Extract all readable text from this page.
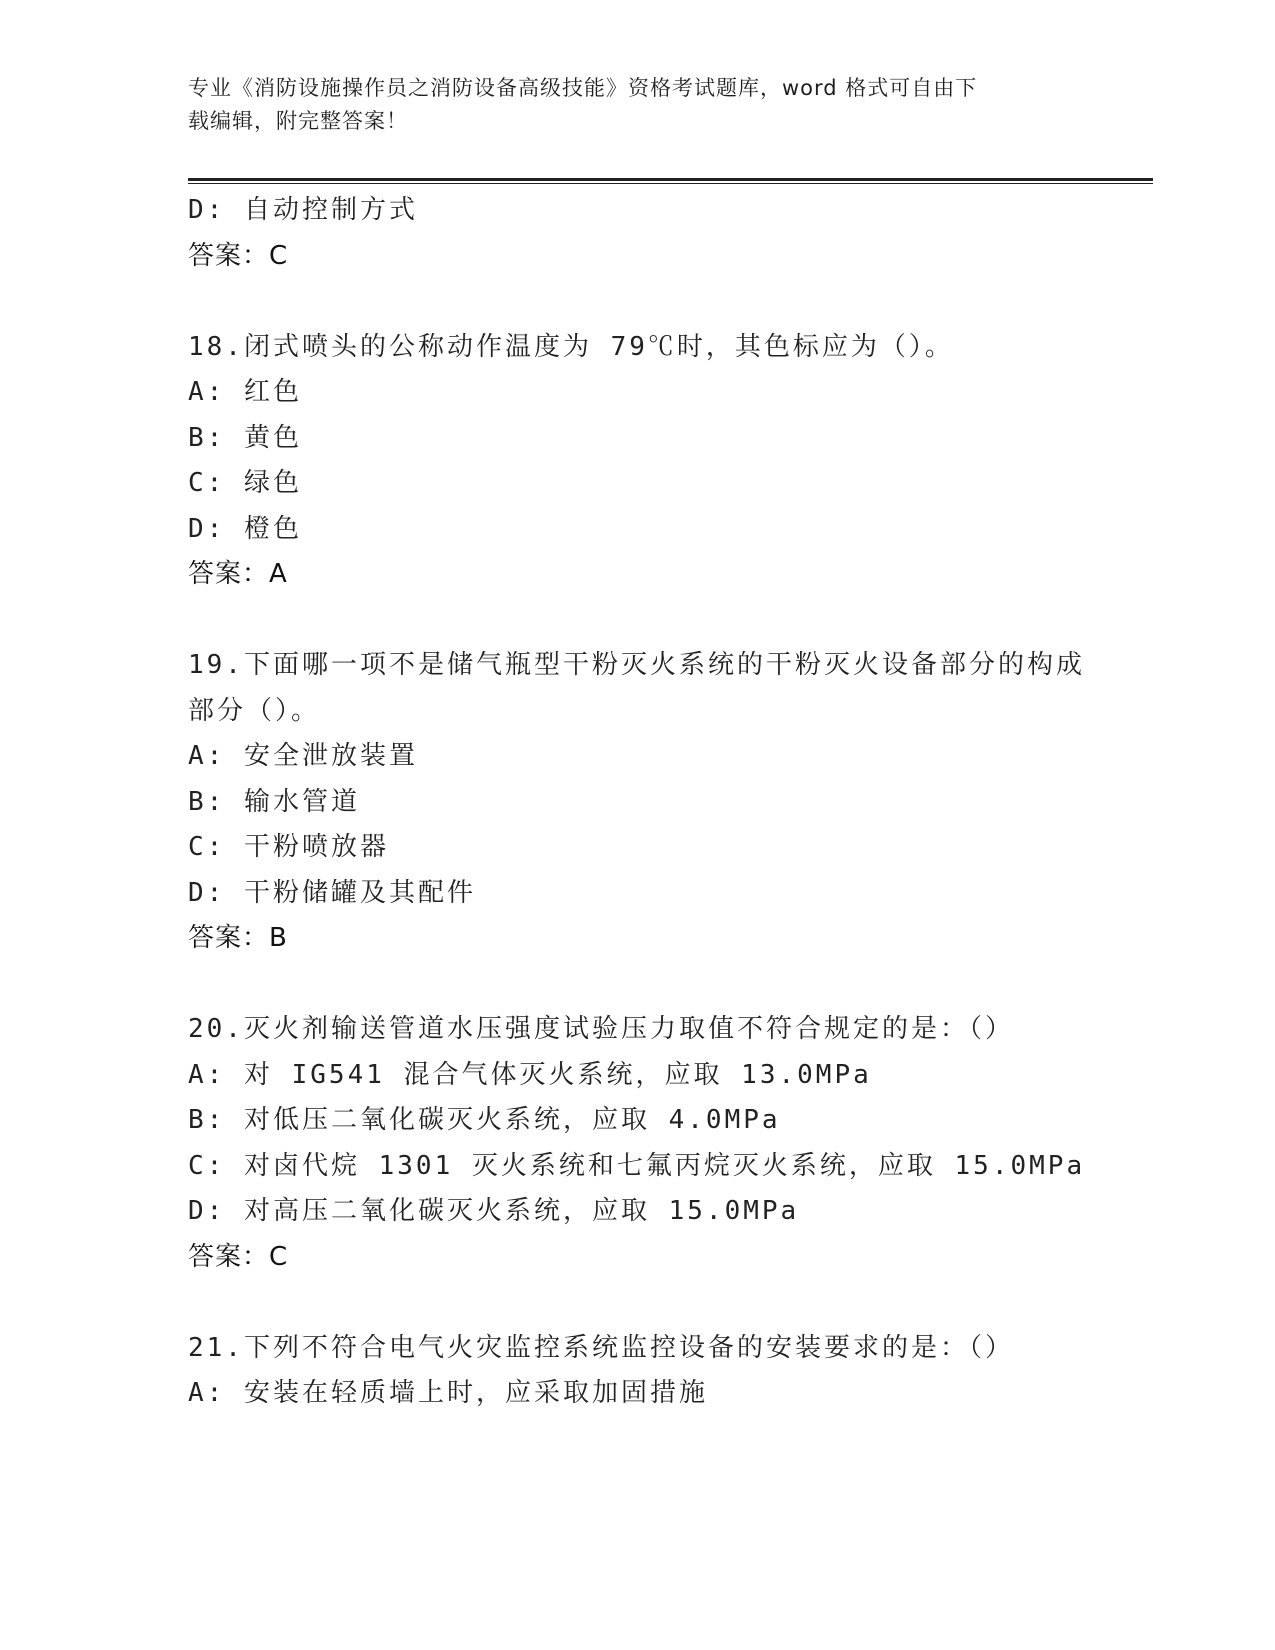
专业《消防设施操作员之消防设备高级技能》资格考试题库，word 格式可自由下
载编辑，附完整答案！
D: 自动控制方式
答案：C
18.闭式喷头的公称动作温度为 79℃时，其色标应为（）。
A: 红色
B: 黄色
C: 绿色
D: 橙色
答案：A
19.下面哪一项不是储气瓶型干粉灭火系统的干粉灭火设备部分的构成
部分（）。
A: 安全泄放装置
B: 输水管道
C: 干粉喷放器
D: 干粉储罐及其配件
答案：B
20.灭火剂输送管道水压强度试验压力取值不符合规定的是：（）
A: 对 IG541 混合气体灭火系统，应取 13.0MPa
B: 对低压二氧化碳灭火系统，应取 4.0MPa
C: 对卤代烷 1301 灭火系统和七氟丙烷灭火系统，应取 15.0MPa
D: 对高压二氧化碳灭火系统，应取 15.0MPa
答案：C
21.下列不符合电气火灾监控系统监控设备的安装要求的是：（）
A: 安装在轻质墙上时，应采取加固措施
